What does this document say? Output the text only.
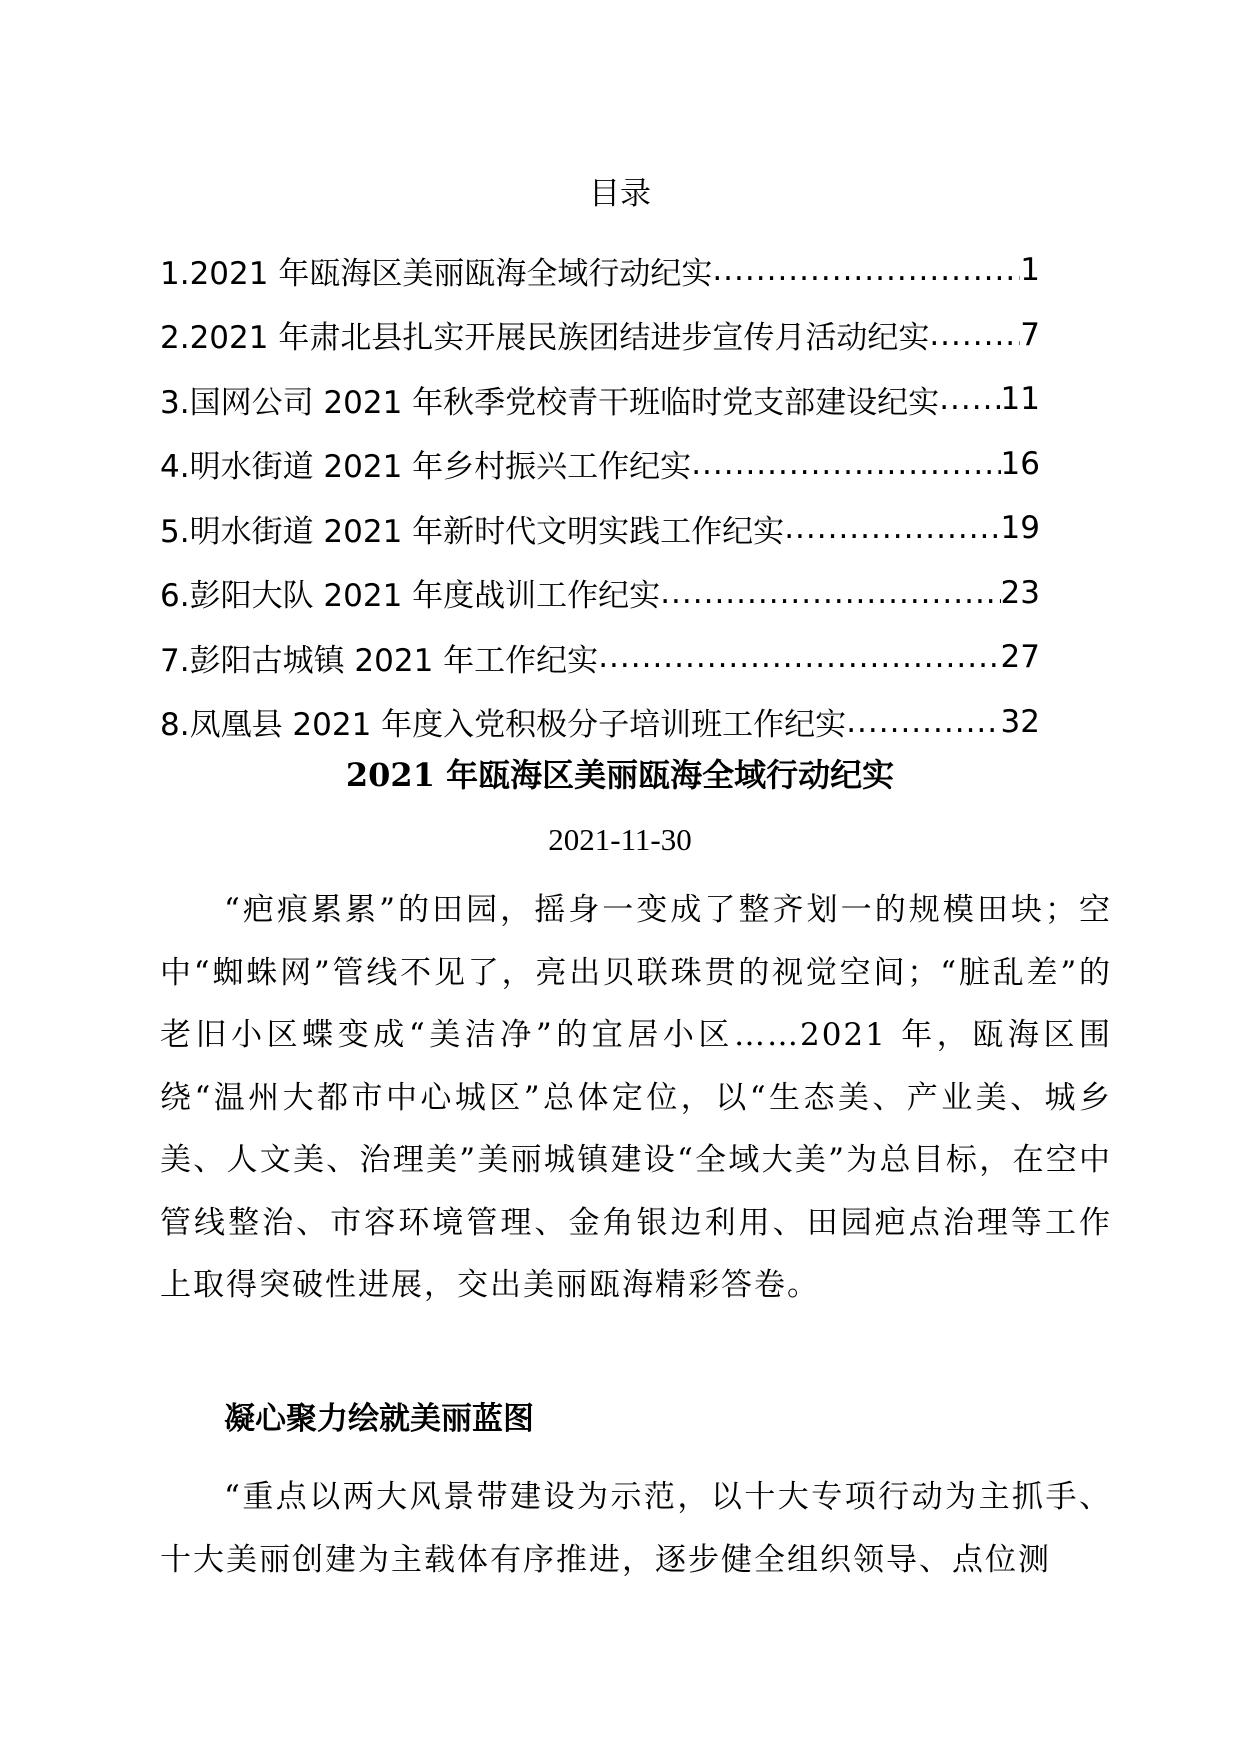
目录
1.2021 年瓯海区美丽瓯海全域行动纪实 .....	1
2.2021 年肃北县扎实开展民族团结进步宣传月活动纪实 .....	7
3.国网公司 2021 年秋季党校青干班临时党支部建设纪实 ..... 11
4.明水街道 2021 年乡村振兴工作纪实 .....	16
5.明水街道 2021 年新时代文明实践工作纪实 .....	19
6.彭阳大队 2021 年度战训工作纪实 .....	23
7.彭阳古城镇 2021 年工作纪实 .....	27
8.凤凰县 2021 年度入党积极分子培训班工作纪实 .....	32
2021 年瓯海区美丽瓯海全域行动纪实
2021-11-30

“疤痕累累”的田园，摇身一变成了整齐划一的规模田块；空中“蜘蛛网”管线不见了，亮出贝联珠贯的视觉空间；“脏乱差”的老旧小区蝶变成“美洁净”的宜居小区……2021 年，瓯海区围绕“温州大都市中心城区”总体定位，以“生态美、产业美、城乡美、人文美、治理美”美丽城镇建设“全域大美”为总目标，在空中管线整治、市容环境管理、金角银边利用、田园疤点治理等工作上取得突破性进展，交出美丽瓯海精彩答卷。

凝心聚力绘就美丽蓝图

“重点以两大风景带建设为示范，以十大专项行动为主抓手、十大美丽创建为主载体有序推进，逐步健全组织领导、点位测
